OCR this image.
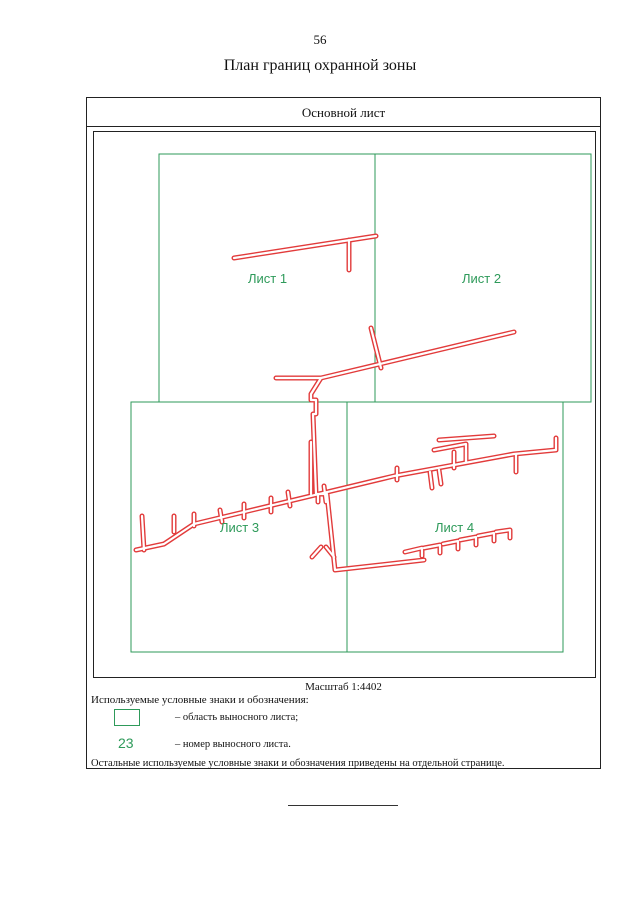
56
План границ охранной зоны
Основной лист
Лист 1	Лист 2
Лист 3	Лист 4
Масштаб 1:4402
Используемые условные знаки и обозначения:
– область выносного листа;
23	– номер выносного листа.
Остальные используемые условные знаки и обозначения приведены на отдельной странице.
